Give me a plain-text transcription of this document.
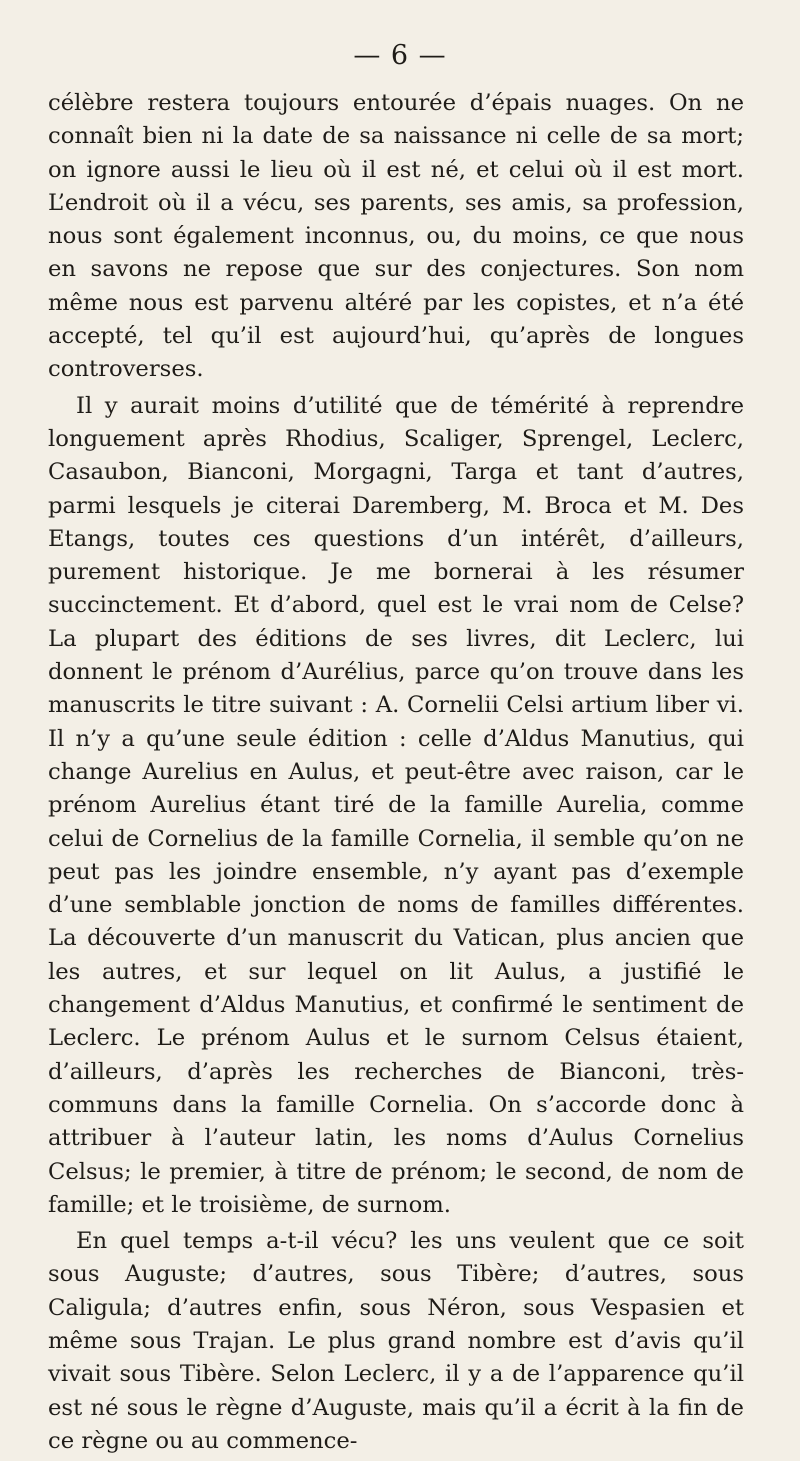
— 6 —

célèbre restera toujours entourée d’épais nuages. On ne connaît bien ni la date de sa naissance ni celle de sa mort; on ignore aussi le lieu où il est né, et celui où il est mort. L’endroit où il a vécu, ses parents, ses amis, sa profession, nous sont également inconnus, ou, du moins, ce que nous en savons ne repose que sur des conjectures. Son nom même nous est parvenu altéré par les copistes, et n’a été accepté, tel qu’il est aujourd’hui, qu’après de longues controverses.

Il y aurait moins d’utilité que de témérité à reprendre longuement après Rhodius, Scaliger, Sprengel, Leclerc, Casaubon, Bianconi, Morgagni, Targa et tant d’autres, parmi lesquels je citerai Daremberg, M. Broca et M. Des Etangs, toutes ces questions d’un intérêt, d’ailleurs, purement historique. Je me bornerai à les résumer succinctement. Et d’abord, quel est le vrai nom de Celse? La plupart des éditions de ses livres, dit Leclerc, lui donnent le prénom d’Aurélius, parce qu’on trouve dans les manuscrits le titre suivant : A. Cornelii Celsi artium liber vi. Il n’y a qu’une seule édition : celle d’Aldus Manutius, qui change Aurelius en Aulus, et peut-être avec raison, car le prénom Aurelius étant tiré de la famille Aurelia, comme celui de Cornelius de la famille Cornelia, il semble qu’on ne peut pas les joindre ensemble, n’y ayant pas d’exemple d’une semblable jonction de noms de familles différentes. La découverte d’un manuscrit du Vatican, plus ancien que les autres, et sur lequel on lit Aulus, a justifié le changement d’Aldus Manutius, et confirmé le sentiment de Leclerc. Le prénom Aulus et le surnom Celsus étaient, d’ailleurs, d’après les recherches de Bianconi, très-communs dans la famille Cornelia. On s’accorde donc à attribuer à l’auteur latin, les noms d’Aulus Cornelius Celsus; le premier, à titre de prénom; le second, de nom de famille; et le troisième, de surnom.

En quel temps a-t-il vécu? les uns veulent que ce soit sous Auguste; d’autres, sous Tibère; d’autres, sous Caligula; d’autres enfin, sous Néron, sous Vespasien et même sous Trajan. Le plus grand nombre est d’avis qu’il vivait sous Tibère. Selon Leclerc, il y a de l’apparence qu’il est né sous le règne d’Auguste, mais qu’il a écrit à la fin de ce règne ou au commence-
